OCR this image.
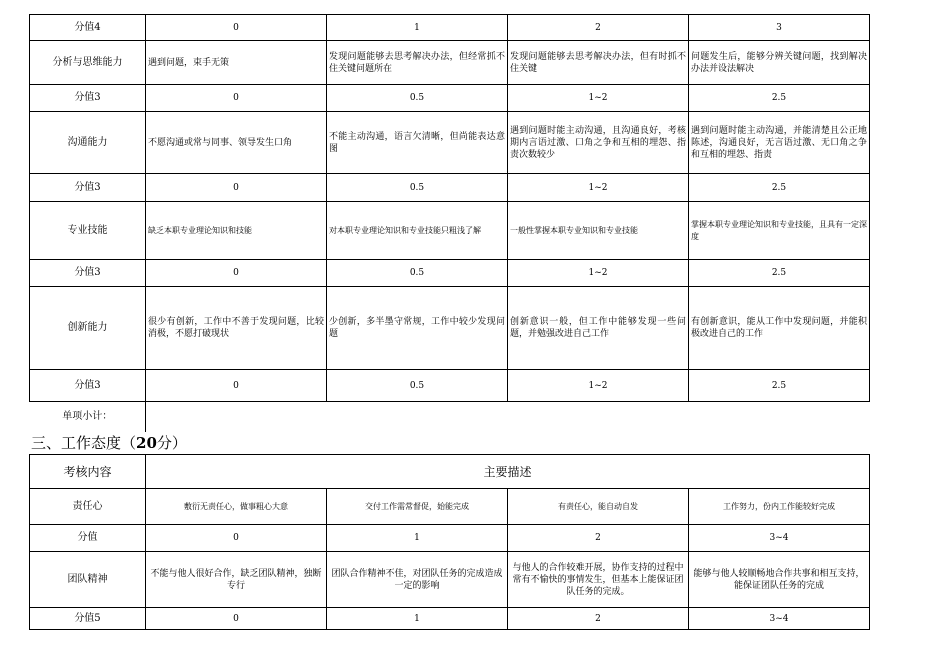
分值4	0	1	2	3
分析与思维能力	遇到问题，束手无策	发现问题能够去思考解决办法，但经常抓不住关键问题所在	发现问题能够去思考解决办法，但有时抓不住关键	问题发生后，能够分辨关键问题，找到解决办法并设法解决
分值3	0	0.5	1~2	2.5
沟通能力	不愿沟通或常与同事、领导发生口角	不能主动沟通，语言欠清晰，但尚能表达意图	遇到问题时能主动沟通，且沟通良好，考核期内言语过激、口角之争和互相的埋怨、指责次数较少	遇到问题时能主动沟通，并能清楚且公正地陈述，沟通良好，无言语过激、无口角之争和互相的埋怨、指责
分值3	0	0.5	1~2	2.5
专业技能	缺乏本职专业理论知识和技能	对本职专业理论知识和专业技能只粗浅了解	一般性掌握本职专业知识和专业技能	掌握本职专业理论知识和专业技能，且具有一定深度
分值3	0	0.5	1~2	2.5
创新能力	很少有创新，工作中不善于发现问题，比较消极，不愿打破现状	少创新，多半墨守常规，工作中较少发现问题	创新意识一般，但工作中能够发现一些问题，并勉强改进自己工作	有创新意识，能从工作中发现问题，并能积极改进自己的工作
分值3	0	0.5	1~2	2.5
单项小计：				
三、工作态度（20分）
考核内容	主要描述			
责任心	敷衍无责任心，做事粗心大意	交付工作需常督促，始能完成	有责任心，能自动自发	工作努力，份内工作能较好完成
分值	0	1	2	3~4
团队精神	不能与他人很好合作，缺乏团队精神，独断专行	团队合作精神不佳，对团队任务的完成造成一定的影响	与他人的合作较难开展，协作支持的过程中常有不愉快的事情发生，但基本上能保证团队任务的完成。	能够与他人较顺畅地合作共事和相互支持，能保证团队任务的完成
分值5	0	1	2	3~4
